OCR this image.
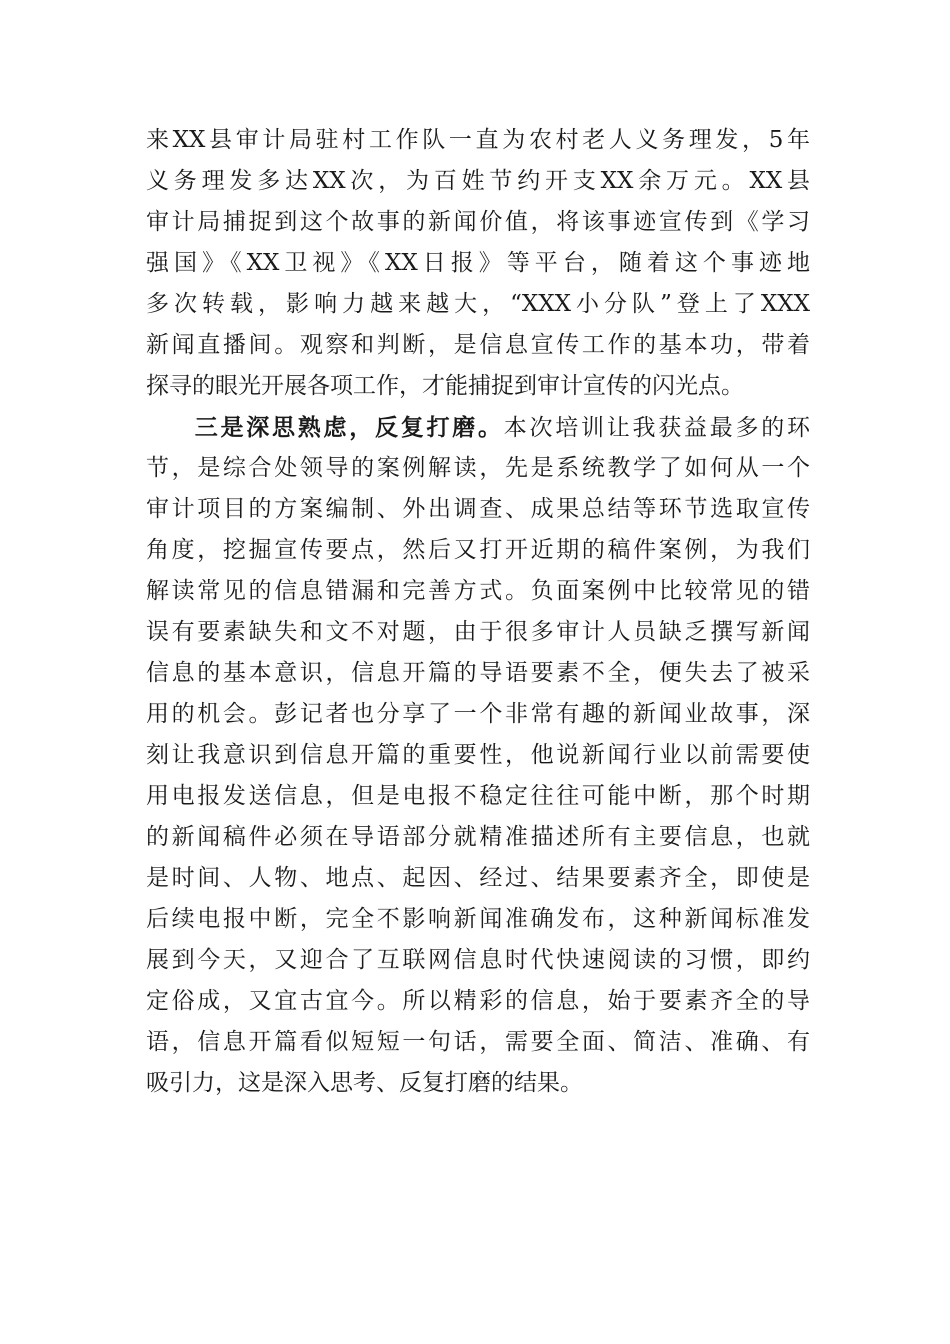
来XX县审计局驻村工作队一直为农村老人义务理发，5年
义务理发多达XX次，为百姓节约开支XX余万元。XX县
审计局捕捉到这个故事的新闻价值，将该事迹宣传到《学习
强国》《XX卫视》《XX日报》等平台，随着这个事迹地
多次转载，影响力越来越大，“XXX小分队”登上了XXX
新闻直播间。观察和判断，是信息宣传工作的基本功，带着
探寻的眼光开展各项工作，才能捕捉到审计宣传的闪光点。
三是深思熟虑，反复打磨。本次培训让我获益最多的环
节，是综合处领导的案例解读，先是系统教学了如何从一个
审计项目的方案编制、外出调查、成果总结等环节选取宣传
角度，挖掘宣传要点，然后又打开近期的稿件案例，为我们
解读常见的信息错漏和完善方式。负面案例中比较常见的错
误有要素缺失和文不对题，由于很多审计人员缺乏撰写新闻
信息的基本意识，信息开篇的导语要素不全，便失去了被采
用的机会。彭记者也分享了一个非常有趣的新闻业故事，深
刻让我意识到信息开篇的重要性，他说新闻行业以前需要使
用电报发送信息，但是电报不稳定往往可能中断，那个时期
的新闻稿件必须在导语部分就精准描述所有主要信息，也就
是时间、人物、地点、起因、经过、结果要素齐全，即使是
后续电报中断，完全不影响新闻准确发布，这种新闻标准发
展到今天，又迎合了互联网信息时代快速阅读的习惯，即约
定俗成，又宜古宜今。所以精彩的信息，始于要素齐全的导
语，信息开篇看似短短一句话，需要全面、简洁、准确、有
吸引力，这是深入思考、反复打磨的结果。
